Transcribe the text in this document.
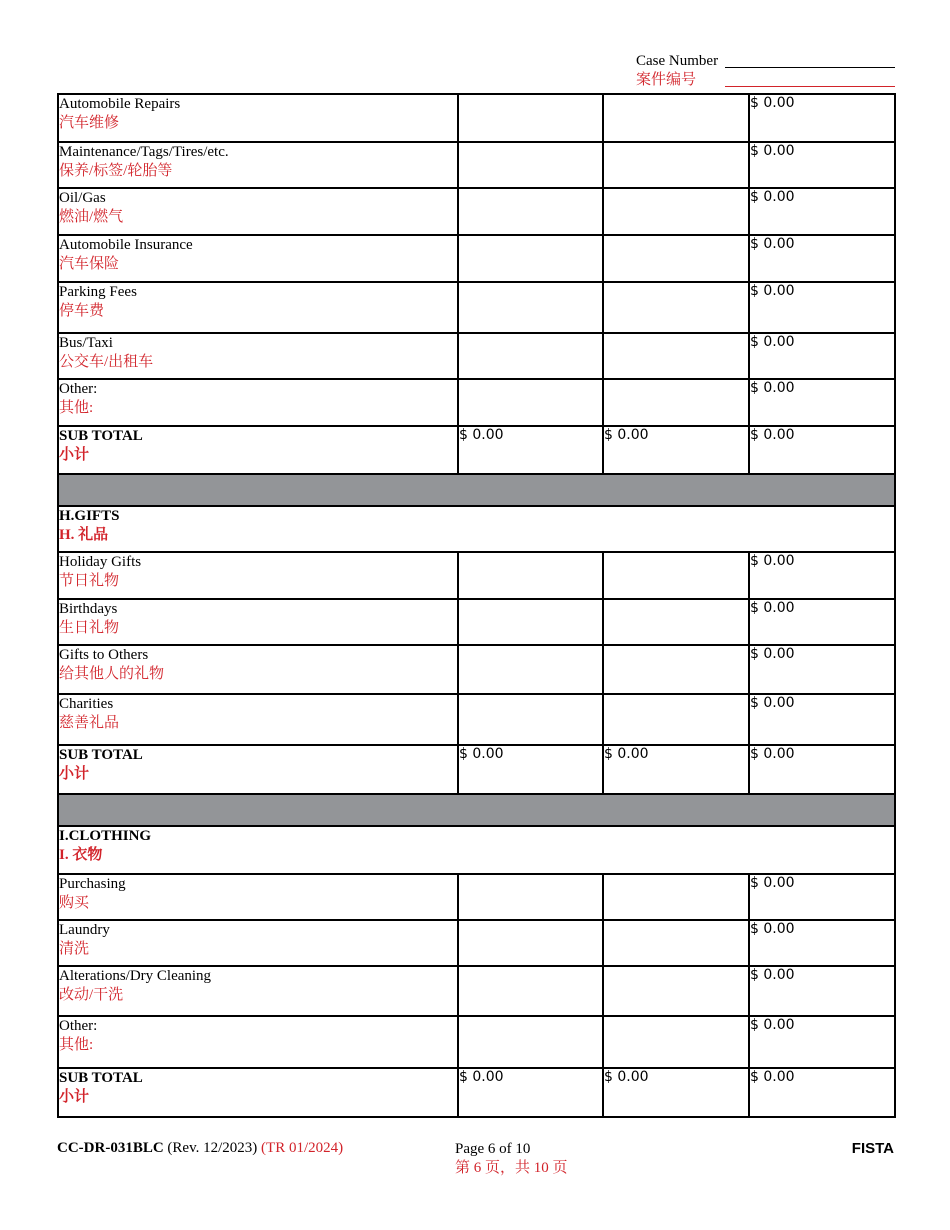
Case Number
案件编号
Automobile Repairs
汽车维修			$ 0.00

Maintenance/Tags/Tires/etc.
保养/标签/轮胎等			$ 0.00

Oil/Gas
燃油/燃气			$ 0.00

Automobile Insurance
汽车保险			$ 0.00

Parking Fees
停车费			$ 0.00

Bus/Taxi
公交车/出租车			$ 0.00

Other:
其他:			$ 0.00

SUB TOTAL
小计	$ 0.00	$ 0.00	$ 0.00

H.GIFTS
H. 礼品			

Holiday Gifts
节日礼物			$ 0.00

Birthdays
生日礼物			$ 0.00

Gifts to Others
给其他人的礼物			$ 0.00

Charities
慈善礼品			$ 0.00

SUB TOTAL
小计	$ 0.00	$ 0.00	$ 0.00

I.CLOTHING
I. 衣物			

Purchasing
购买			$ 0.00

Laundry
清洗			$ 0.00

Alterations/Dry Cleaning
改动/干洗			$ 0.00

Other:
其他:			$ 0.00

SUB TOTAL
小计	$ 0.00	$ 0.00	$ 0.00
CC-DR-031BLC (Rev. 12/2023) (TR 01/2024)	Page 6 of 10
第 6 页，共 10 页
FISTA
